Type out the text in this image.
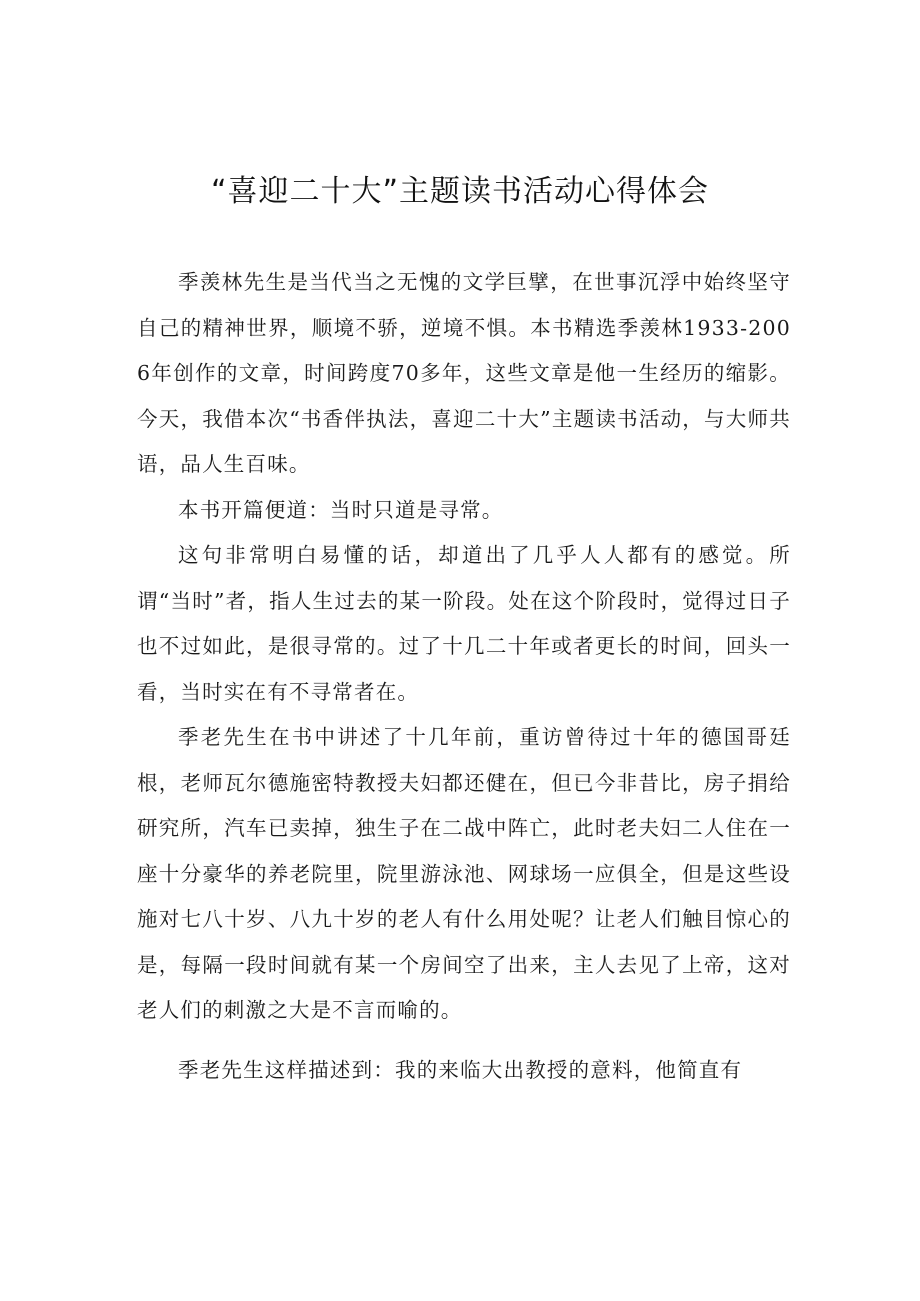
“喜迎二十大”主题读书活动心得体会

季羡林先生是当代当之无愧的文学巨擘，在世事沉浮中始终坚守自己的精神世界，顺境不骄，逆境不惧。本书精选季羡林1933-2006年创作的文章，时间跨度70多年，这些文章是他一生经历的缩影。今天，我借本次“书香伴执法，喜迎二十大”主题读书活动，与大师共语，品人生百味。

本书开篇便道：当时只道是寻常。

这句非常明白易懂的话，却道出了几乎人人都有的感觉。所谓“当时”者，指人生过去的某一阶段。处在这个阶段时，觉得过日子也不过如此，是很寻常的。过了十几二十年或者更长的时间，回头一看，当时实在有不寻常者在。

季老先生在书中讲述了十几年前，重访曾待过十年的德国哥廷根，老师瓦尔德施密特教授夫妇都还健在，但已今非昔比，房子捐给研究所，汽车已卖掉，独生子在二战中阵亡，此时老夫妇二人住在一座十分豪华的养老院里，院里游泳池、网球场一应俱全，但是这些设施对七八十岁、八九十岁的老人有什么用处呢？让老人们触目惊心的是，每隔一段时间就有某一个房间空了出来，主人去见了上帝，这对老人们的刺激之大是不言而喻的。

季老先生这样描述到：我的来临大出教授的意料，他简直有
